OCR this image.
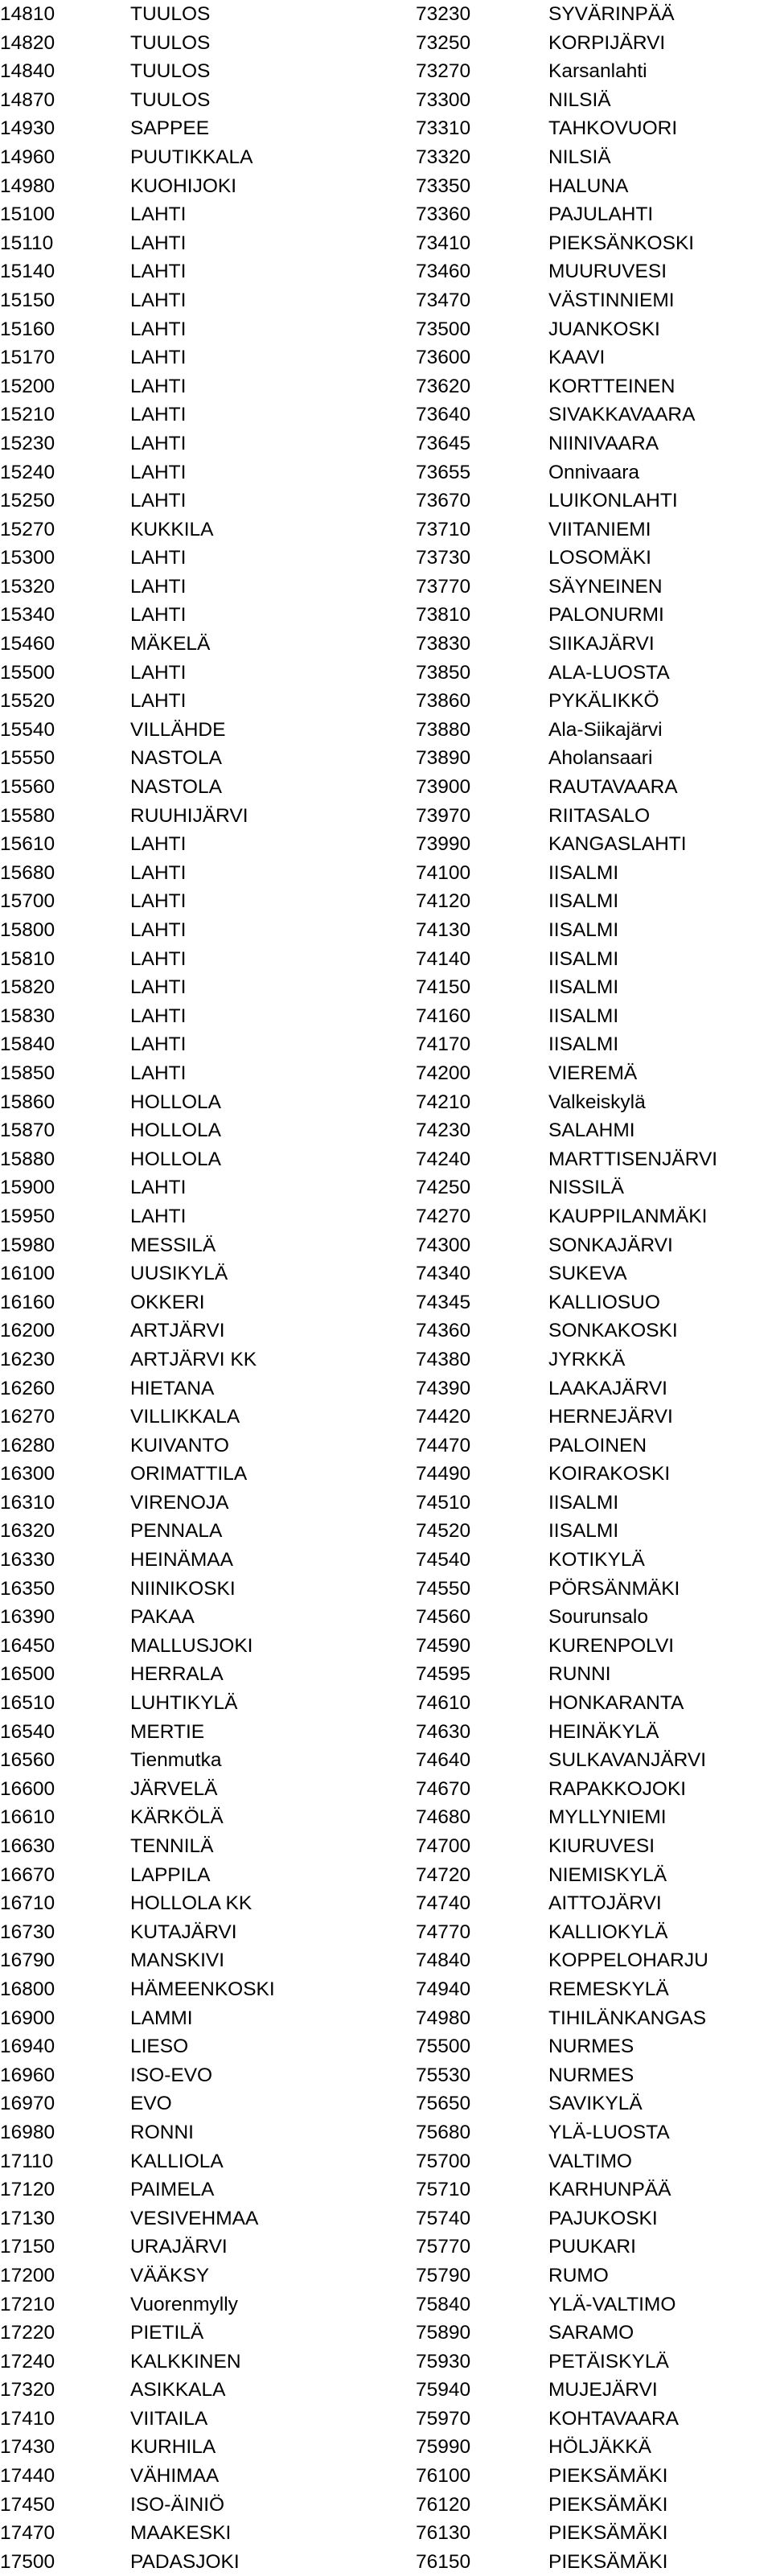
14810	TUULOS	73230	SYVÄRINPÄÄ
14820	TUULOS	73250	KORPIJÄRVI
14840	TUULOS	73270	Karsanlahti
14870	TUULOS	73300	NILSIÄ
14930	SAPPEE	73310	TAHKOVUORI
14960	PUUTIKKALA	73320	NILSIÄ
14980	KUOHIJOKI	73350	HALUNA
15100	LAHTI	73360	PAJULAHTI
15110	LAHTI	73410	PIEKSÄNKOSKI
15140	LAHTI	73460	MUURUVESI
15150	LAHTI	73470	VÄSTINNIEMI
15160	LAHTI	73500	JUANKOSKI
15170	LAHTI	73600	KAAVI
15200	LAHTI	73620	KORTTEINEN
15210	LAHTI	73640	SIVAKKAVAARA
15230	LAHTI	73645	NIINIVAARA
15240	LAHTI	73655	Onnivaara
15250	LAHTI	73670	LUIKONLAHTI
15270	KUKKILA	73710	VIITANIEMI
15300	LAHTI	73730	LOSOMÄKI
15320	LAHTI	73770	SÄYNEINEN
15340	LAHTI	73810	PALONURMI
15460	MÄKELÄ	73830	SIIKAJÄRVI
15500	LAHTI	73850	ALA-LUOSTA
15520	LAHTI	73860	PYKÄLIKKÖ
15540	VILLÄHDE	73880	Ala-Siikajärvi
15550	NASTOLA	73890	Aholansaari
15560	NASTOLA	73900	RAUTAVAARA
15580	RUUHIJÄRVI	73970	RIITASALO
15610	LAHTI	73990	KANGASLAHTI
15680	LAHTI	74100	IISALMI
15700	LAHTI	74120	IISALMI
15800	LAHTI	74130	IISALMI
15810	LAHTI	74140	IISALMI
15820	LAHTI	74150	IISALMI
15830	LAHTI	74160	IISALMI
15840	LAHTI	74170	IISALMI
15850	LAHTI	74200	VIEREMÄ
15860	HOLLOLA	74210	Valkeiskylä
15870	HOLLOLA	74230	SALAHMI
15880	HOLLOLA	74240	MARTTISENJÄRVI
15900	LAHTI	74250	NISSILÄ
15950	LAHTI	74270	KAUPPILANMÄKI
15980	MESSILÄ	74300	SONKAJÄRVI
16100	UUSIKYLÄ	74340	SUKEVA
16160	OKKERI	74345	KALLIOSUO
16200	ARTJÄRVI	74360	SONKAKOSKI
16230	ARTJÄRVI KK	74380	JYRKKÄ
16260	HIETANA	74390	LAAKAJÄRVI
16270	VILLIKKALA	74420	HERNEJÄRVI
16280	KUIVANTO	74470	PALOINEN
16300	ORIMATTILA	74490	KOIRAKOSKI
16310	VIRENOJA	74510	IISALMI
16320	PENNALA	74520	IISALMI
16330	HEINÄMAA	74540	KOTIKYLÄ
16350	NIINIKOSKI	74550	PÖRSÄNMÄKI
16390	PAKAA	74560	Sourunsalo
16450	MALLUSJOKI	74590	KURENPOLVI
16500	HERRALA	74595	RUNNI
16510	LUHTIKYLÄ	74610	HONKARANTA
16540	MERTIE	74630	HEINÄKYLÄ
16560	Tienmutka	74640	SULKAVANJÄRVI
16600	JÄRVELÄ	74670	RAPAKKOJOKI
16610	KÄRKÖLÄ	74680	MYLLYNIEMI
16630	TENNILÄ	74700	KIURUVESI
16670	LAPPILA	74720	NIEMISKYLÄ
16710	HOLLOLA KK	74740	AITTOJÄRVI
16730	KUTAJÄRVI	74770	KALLIOKYLÄ
16790	MANSKIVI	74840	KOPPELOHARJU
16800	HÄMEENKOSKI	74940	REMESKYLÄ
16900	LAMMI	74980	TIHILÄNKANGAS
16940	LIESO	75500	NURMES
16960	ISO-EVO	75530	NURMES
16970	EVO	75650	SAVIKYLÄ
16980	RONNI	75680	YLÄ-LUOSTA
17110	KALLIOLA	75700	VALTIMO
17120	PAIMELA	75710	KARHUNPÄÄ
17130	VESIVEHMAA	75740	PAJUKOSKI
17150	URAJÄRVI	75770	PUUKARI
17200	VÄÄKSY	75790	RUMO
17210	Vuorenmylly	75840	YLÄ-VALTIMO
17220	PIETILÄ	75890	SARAMO
17240	KALKKINEN	75930	PETÄISKYLÄ
17320	ASIKKALA	75940	MUJEJÄRVI
17410	VIITAILA	75970	KOHTAVAARA
17430	KURHILA	75990	HÖLJÄKKÄ
17440	VÄHIMAA	76100	PIEKSÄMÄKI
17450	ISO-ÄINIÖ	76120	PIEKSÄMÄKI
17470	MAAKESKI	76130	PIEKSÄMÄKI
17500	PADASJOKI	76150	PIEKSÄMÄKI
